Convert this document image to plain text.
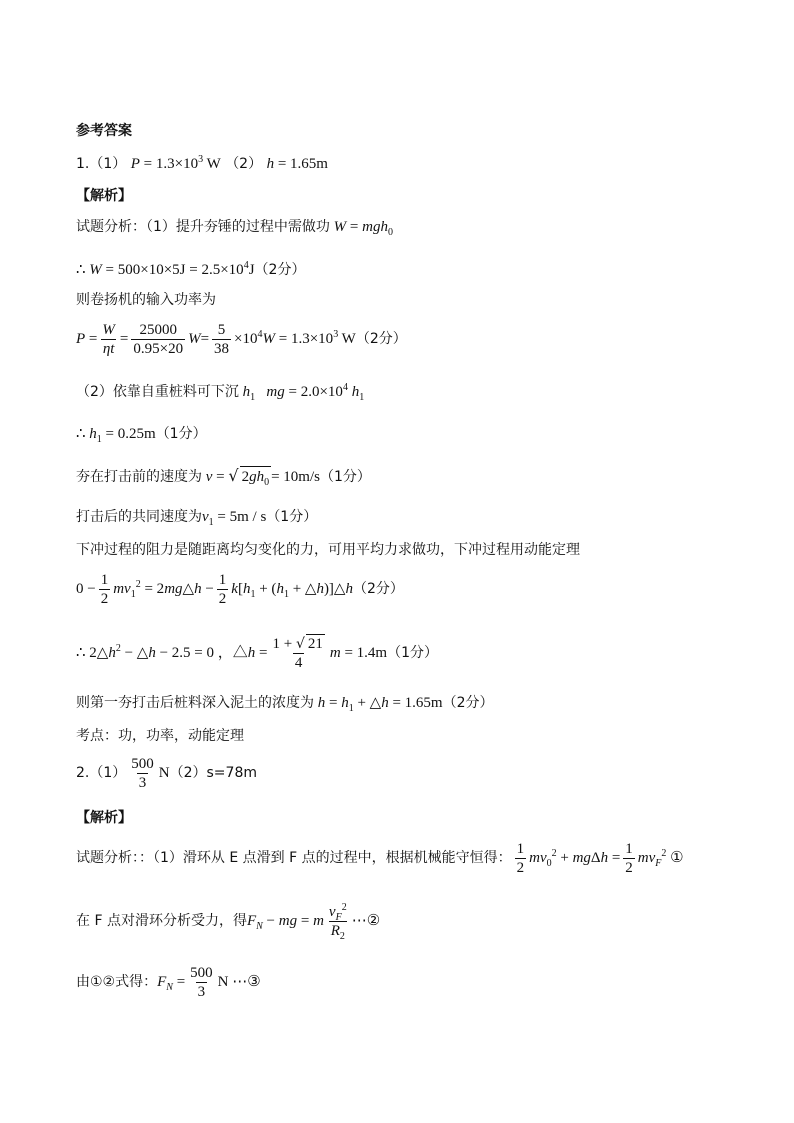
参考答案
1.（1） $P = 1.3\times 10^3$ W （2） h = 1.65m
【解析】
试题分析：（1）提升夯锤的过程中需做功 W = mgh$_0$
∴ $W = 500\times 10\times 5J = 2.5\times 10^4J(2$分）
则卷扬机的输入功率为
$P = \frac{W}{\eta t} = \frac{25000}{0.95\times 20}$ $W = \frac{5}{38} \times 10^4W = 1.3\times 10^3$ W （2分）
（2）依靠自重桩料可下沉 $h_1$ mg = $2.0\times 10^4$ $h_1$
∴ $h_1 = 0.25m(1$分）
夯在打击前的速度为 v = √ $2gh_0 = 10m/s(1$分）
打击后的共同速度为$v_1 = 5m / s(1$分）
下冲过程的阻力是随距离均匀变化的力，可用平均力求做功，下冲过程用动能定理
$0 - \frac{1}{2} mv_1^2$ = 2mg△h − $\frac{1}{2} k[h_1 + (h_1$ + △h)]△h （2分）
∴ $2\triangle h^2$ − △h − 2.5 = 0 ，△h = $\frac{1 + √ 21}{4}$ m = 1.4m （1分）
则第一夯打击后桩料深入泥土的浓度为 $h = h_1$ + △h = 1.65m（2分）
考点：功，功率，动能定理
$2.(1) \frac{500}{3}$ N （2）s=78m
【解析】
试题分析：：（1）滑环从 E 点滑到 F 点的过程中，根据机械能守恒得： $\frac{1}{2} mv_0^2 + mg\Delta h = \frac{1}{2} mv_F^2$ ①
在 F 点对滑环分析受力，得 $F_N$ − mg = m $\frac{v_F^2}{R_2}$ ⋯②
由①②式得： $F_N = \frac{500}{3}$ N ⋯③
